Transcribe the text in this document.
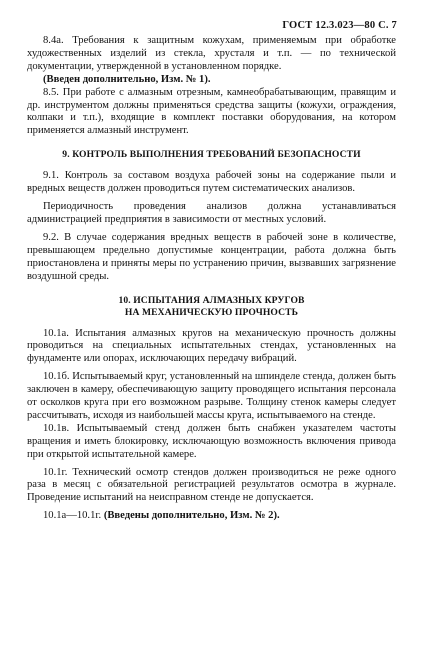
ГОСТ 12.3.023—80 С. 7

8.4а. Требования к защитным кожухам, применяемым при обработке художественных изделий из стекла, хрусталя и т.п. — по технической документации, утвержденной в установленном порядке.

(Введен дополнительно, Изм. № 1).

8.5. При работе с алмазным отрезным, камнеобрабатывающим, правящим и др. инструментом должны применяться средства защиты (кожухи, ограждения, колпаки и т.п.), входящие в комплект поставки оборудования, на котором применяется алмазный инструмент.

9. КОНТРОЛЬ ВЫПОЛНЕНИЯ ТРЕБОВАНИЙ БЕЗОПАСНОСТИ

9.1. Контроль за составом воздуха рабочей зоны на содержание пыли и вредных веществ должен проводиться путем систематических анализов.

Периодичность проведения анализов должна устанавливаться администрацией предприятия в зависимости от местных условий.

9.2. В случае содержания вредных веществ в рабочей зоне в количестве, превышающем предельно допустимые концентрации, работа должна быть приостановлена и приняты меры по устранению причин, вызвавших загрязнение воздушной среды.

10. ИСПЫТАНИЯ АЛМАЗНЫХ КРУГОВ
НА МЕХАНИЧЕСКУЮ ПРОЧНОСТЬ

10.1а. Испытания алмазных кругов на механическую прочность должны проводиться на специальных испытательных стендах, установленных на фундаменте или опорах, исключающих передачу вибраций.

10.1б. Испытываемый круг, установленный на шпинделе стенда, должен быть заключен в камеру, обеспечивающую защиту проводящего испытания персонала от осколков круга при его возможном разрыве. Толщину стенок камеры следует рассчитывать, исходя из наибольшей массы круга, испытываемого на стенде.

10.1в. Испытываемый стенд должен быть снабжен указателем частоты вращения и иметь блокировку, исключающую возможность включения привода при открытой испытательной камере.

10.1г. Технический осмотр стендов должен производиться не реже одного раза в месяц с обязательной регистрацией результатов осмотра в журнале. Проведение испытаний на неисправном стенде не допускается.

10.1а—10.1г. (Введены дополнительно, Изм. № 2).
